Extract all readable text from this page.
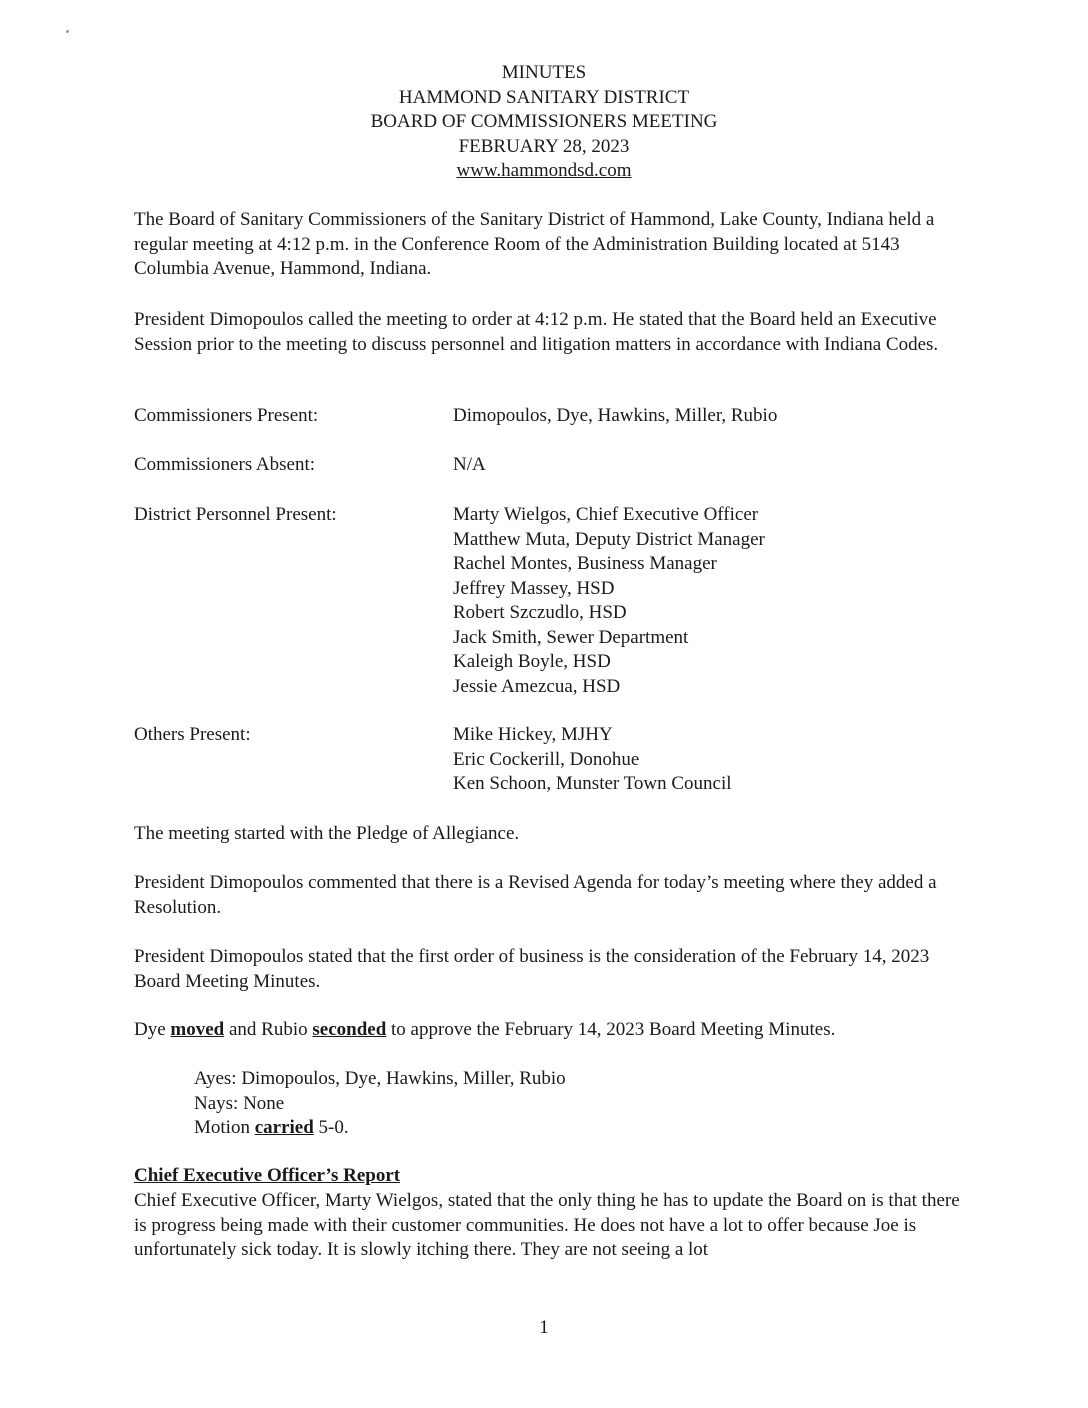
MINUTES
HAMMOND SANITARY DISTRICT
BOARD OF COMMISSIONERS MEETING
FEBRUARY 28, 2023
www.hammondsd.com
The Board of Sanitary Commissioners of the Sanitary District of Hammond, Lake County, Indiana held a regular meeting at 4:12 p.m. in the Conference Room of the Administration Building located at 5143 Columbia Avenue, Hammond, Indiana.
President Dimopoulos called the meeting to order at 4:12 p.m. He stated that the Board held an Executive Session prior to the meeting to discuss personnel and litigation matters in accordance with Indiana Codes.
Commissioners Present:	Dimopoulos, Dye, Hawkins, Miller, Rubio
Commissioners Absent:	N/A
District Personnel Present:	Marty Wielgos, Chief Executive Officer
Matthew Muta, Deputy District Manager
Rachel Montes, Business Manager
Jeffrey Massey, HSD
Robert Szczudlo, HSD
Jack Smith, Sewer Department
Kaleigh Boyle, HSD
Jessie Amezcua, HSD
Others Present:	Mike Hickey, MJHY
Eric Cockerill, Donohue
Ken Schoon, Munster Town Council
The meeting started with the Pledge of Allegiance.
President Dimopoulos commented that there is a Revised Agenda for today’s meeting where they added a Resolution.
President Dimopoulos stated that the first order of business is the consideration of the February 14, 2023 Board Meeting Minutes.
Dye moved and Rubio seconded to approve the February 14, 2023 Board Meeting Minutes.
Ayes: Dimopoulos, Dye, Hawkins, Miller, Rubio
Nays: None
Motion carried 5-0.
Chief Executive Officer’s Report
Chief Executive Officer, Marty Wielgos, stated that the only thing he has to update the Board on is that there is progress being made with their customer communities. He does not have a lot to offer because Joe is unfortunately sick today. It is slowly itching there. They are not seeing a lot
1
